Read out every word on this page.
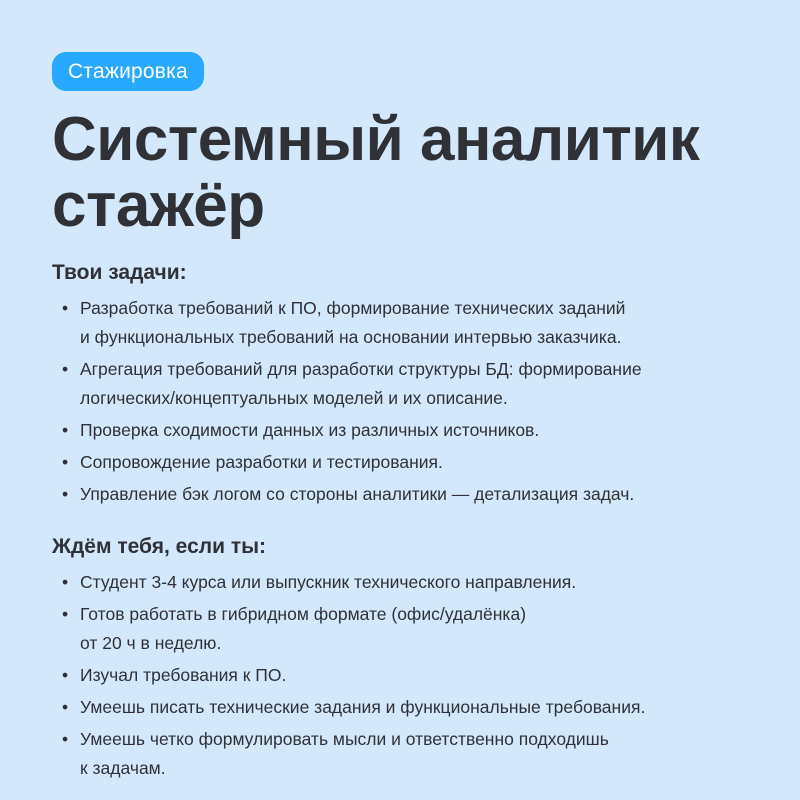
Стажировка
Системный аналитик
стажёр
Твои задачи:
• Разработка требований к ПО, формирование технических заданий
и функциональных требований на основании интервью заказчика.
• Агрегация требований для разработки структуры БД: формирование
логических/концептуальных моделей и их описание.
• Проверка сходимости данных из различных источников.
• Сопровождение разработки и тестирования.
• Управление бэк логом со стороны аналитики — детализация задач.
Ждём тебя, если ты:
• Студент 3-4 курса или выпускник технического направления.
• Готов работать в гибридном формате (офис/удалёнка)
от 20 ч в неделю.
• Изучал требования к ПО.
• Умеешь писать технические задания и функциональные требования.
• Умеешь четко формулировать мысли и ответственно подходишь
к задачам.
